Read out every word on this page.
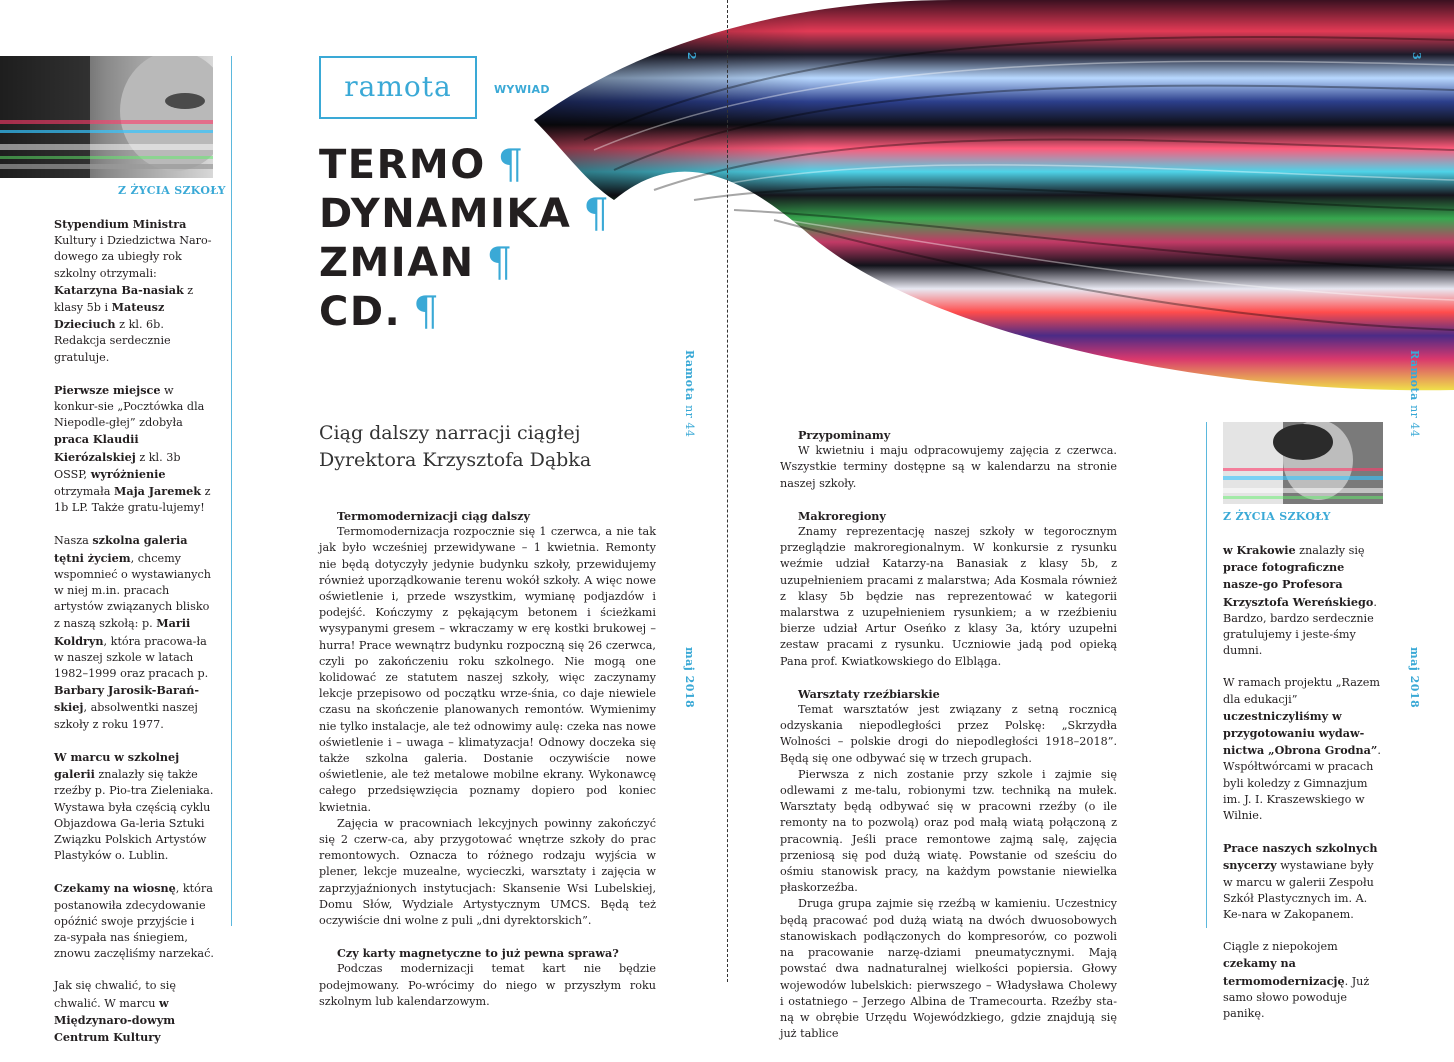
Z ŻYCIA SZKOŁY

Stypendium Ministra Kultury i Dziedzictwa Naro-dowego za ubiegły rok szkolny otrzymali: Katarzyna Ba-nasiak z klasy 5b i Mateusz Dzieciuch z kl. 6b. Redakcja serdecznie gratuluje.

Pierwsze miejsce w konkur-sie „Pocztówka dla Niepodle-głej” zdobyła praca Klaudii Kierózalskiej z kl. 3b OSSP, wyróżnienie otrzymała Maja Jaremek z 1b LP. Także gratu-lujemy!

Nasza szkolna galeria tętni życiem, chcemy wspomnieć o wystawianych w niej m.in. pracach artystów związanych blisko z naszą szkołą: p. Marii Koldryn, która pracowa-ła w naszej szkole w latach 1982–1999 oraz pracach p. Barbary Jarosik-Barań-skiej, absolwentki naszej szkoły z roku 1977.

W marcu w szkolnej galerii znalazły się także rzeźby p. Pio-tra Zieleniaka. Wystawa była częścią cyklu Objazdowa Ga-leria Sztuki Związku Polskich Artystów Plastyków o. Lublin.

Czekamy na wiosnę, która postanowiła zdecydowanie opóźnić swoje przyjście i za-sypała nas śniegiem, znowu zaczęliśmy narzekać.

Jak się chwalić, to się chwalić. W marcu w Międzynaro-dowym Centrum Kultury

ramota	WYWIAD
TERMO ¶
DYNAMIKA ¶
ZMIAN ¶
CD. ¶
Ciąg dalszy narracji ciągłej
Dyrektora Krzysztofa Dąbka
2
Ramota nr 44
maj 2018
Termomodernizacji ciąg dalszy

Termomodernizacja rozpocznie się 1 czerwca, a nie tak jak było wcześniej przewidywane – 1 kwietnia. Remonty nie będą dotyczyły jedynie budynku szkoły, przewidujemy również uporządkowanie terenu wokół szkoły. A więc nowe oświetlenie i, przede wszystkim, wymianę podjazdów i podejść. Kończymy z pękającym betonem i ścieżkami wysypanymi gresem – wkraczamy w erę kostki brukowej – hurra! Prace wewnątrz budynku rozpoczną się 26 czerwca, czyli po zakończeniu roku szkolnego. Nie mogą one kolidować ze statutem naszej szkoły, więc zaczynamy lekcje przepisowo od początku wrze-śnia, co daje niewiele czasu na skończenie planowanych remontów. Wymienimy nie tylko instalacje, ale też odnowimy aulę: czeka nas nowe oświetlenie i – uwaga – klimatyzacja! Odnowy doczeka się także szkolna galeria. Dostanie oczywiście nowe oświetlenie, ale też metalowe mobilne ekrany. Wykonawcę całego przedsięwzięcia poznamy dopiero pod koniec kwietnia.

Zajęcia w pracowniach lekcyjnych powinny zakończyć się 2 czerw-ca, aby przygotować wnętrze szkoły do prac remontowych. Oznacza to różnego rodzaju wyjścia w plener, lekcje muzealne, wycieczki, warsztaty i zajęcia w zaprzyjaźnionych instytucjach: Skansenie Wsi Lubelskiej, Domu Słów, Wydziale Artystycznym UMCS. Będą też oczywiście dni wolne z puli „dni dyrektorskich”.

Czy karty magnetyczne to już pewna sprawa?

Podczas modernizacji temat kart nie będzie podejmowany. Po-wrócimy do niego w przyszłym roku szkolnym lub kalendarzowym.

Przypominamy

W kwietniu i maju odpracowujemy zajęcia z czerwca. Wszystkie terminy dostępne są w kalendarzu na stronie naszej szkoły.

Makroregiony

Znamy reprezentację naszej szkoły w tegorocznym przeglądzie makroregionalnym. W konkursie z rysunku weźmie udział Katarzy-na Banasiak z klasy 5b, z uzupełnieniem pracami z malarstwa; Ada Kosmala również z klasy 5b będzie nas reprezentować w kategorii malarstwa z uzupełnieniem rysunkiem; a w rzeźbieniu bierze udział Artur Oseńko z klasy 3a, który uzupełni zestaw pracami z rysunku. Uczniowie jadą pod opieką Pana prof. Kwiatkowskiego do Elbląga.

Warsztaty rzeźbiarskie

Temat warsztatów jest związany z setną rocznicą odzyskania niepodległości przez Polskę: „Skrzydła Wolności – polskie drogi do niepodległości 1918–2018”. Będą się one odbywać się w trzech grupach.

Pierwsza z nich zostanie przy szkole i zajmie się odlewami z me-talu, robionymi tzw. techniką na mułek. Warsztaty będą odbywać się w pracowni rzeźby (o ile remonty na to pozwolą) oraz pod małą wiatą połączoną z pracownią. Jeśli prace remontowe zajmą salę, zajęcia przeniosą się pod dużą wiatę. Powstanie od sześciu do ośmiu stanowisk pracy, na każdym powstanie niewielka płaskorzeźba.

Druga grupa zajmie się rzeźbą w kamieniu. Uczestnicy będą pracować pod dużą wiatą na dwóch dwuosobowych stanowiskach podłączonych do kompresorów, co pozwoli na pracowanie narzę-dziami pneumatycznymi. Mają powstać dwa nadnaturalnej wielkości popiersia. Głowy wojewodów lubelskich: pierwszego – Władysława Cholewy i ostatniego – Jerzego Albina de Tramecourta. Rzeźby sta-ną w obrębie Urzędu Wojewódzkiego, gdzie znajdują się już tablice

Z ŻYCIA SZKOŁY

w Krakowie znalazły się prace fotograficzne nasze-go Profesora Krzysztofa Wereńskiego. Bardzo, bardzo serdecznie gratulujemy i jeste-śmy dumni.

W ramach projektu „Razem dla edukacji” uczestniczyliśmy w przygotowaniu wydaw-nictwa „Obrona Grodna”. Współtwórcami w pracach byli koledzy z Gimnazjum im. J. I. Kraszewskiego w Wilnie.

Prace naszych szkolnych snycerzy wystawiane były w marcu w galerii Zespołu Szkół Plastycznych im. A. Ke-nara w Zakopanem.

Ciągle z niepokojem czekamy na termomodernizację. Już samo słowo powoduje panikę.

3
Ramota nr 44
maj 2018
